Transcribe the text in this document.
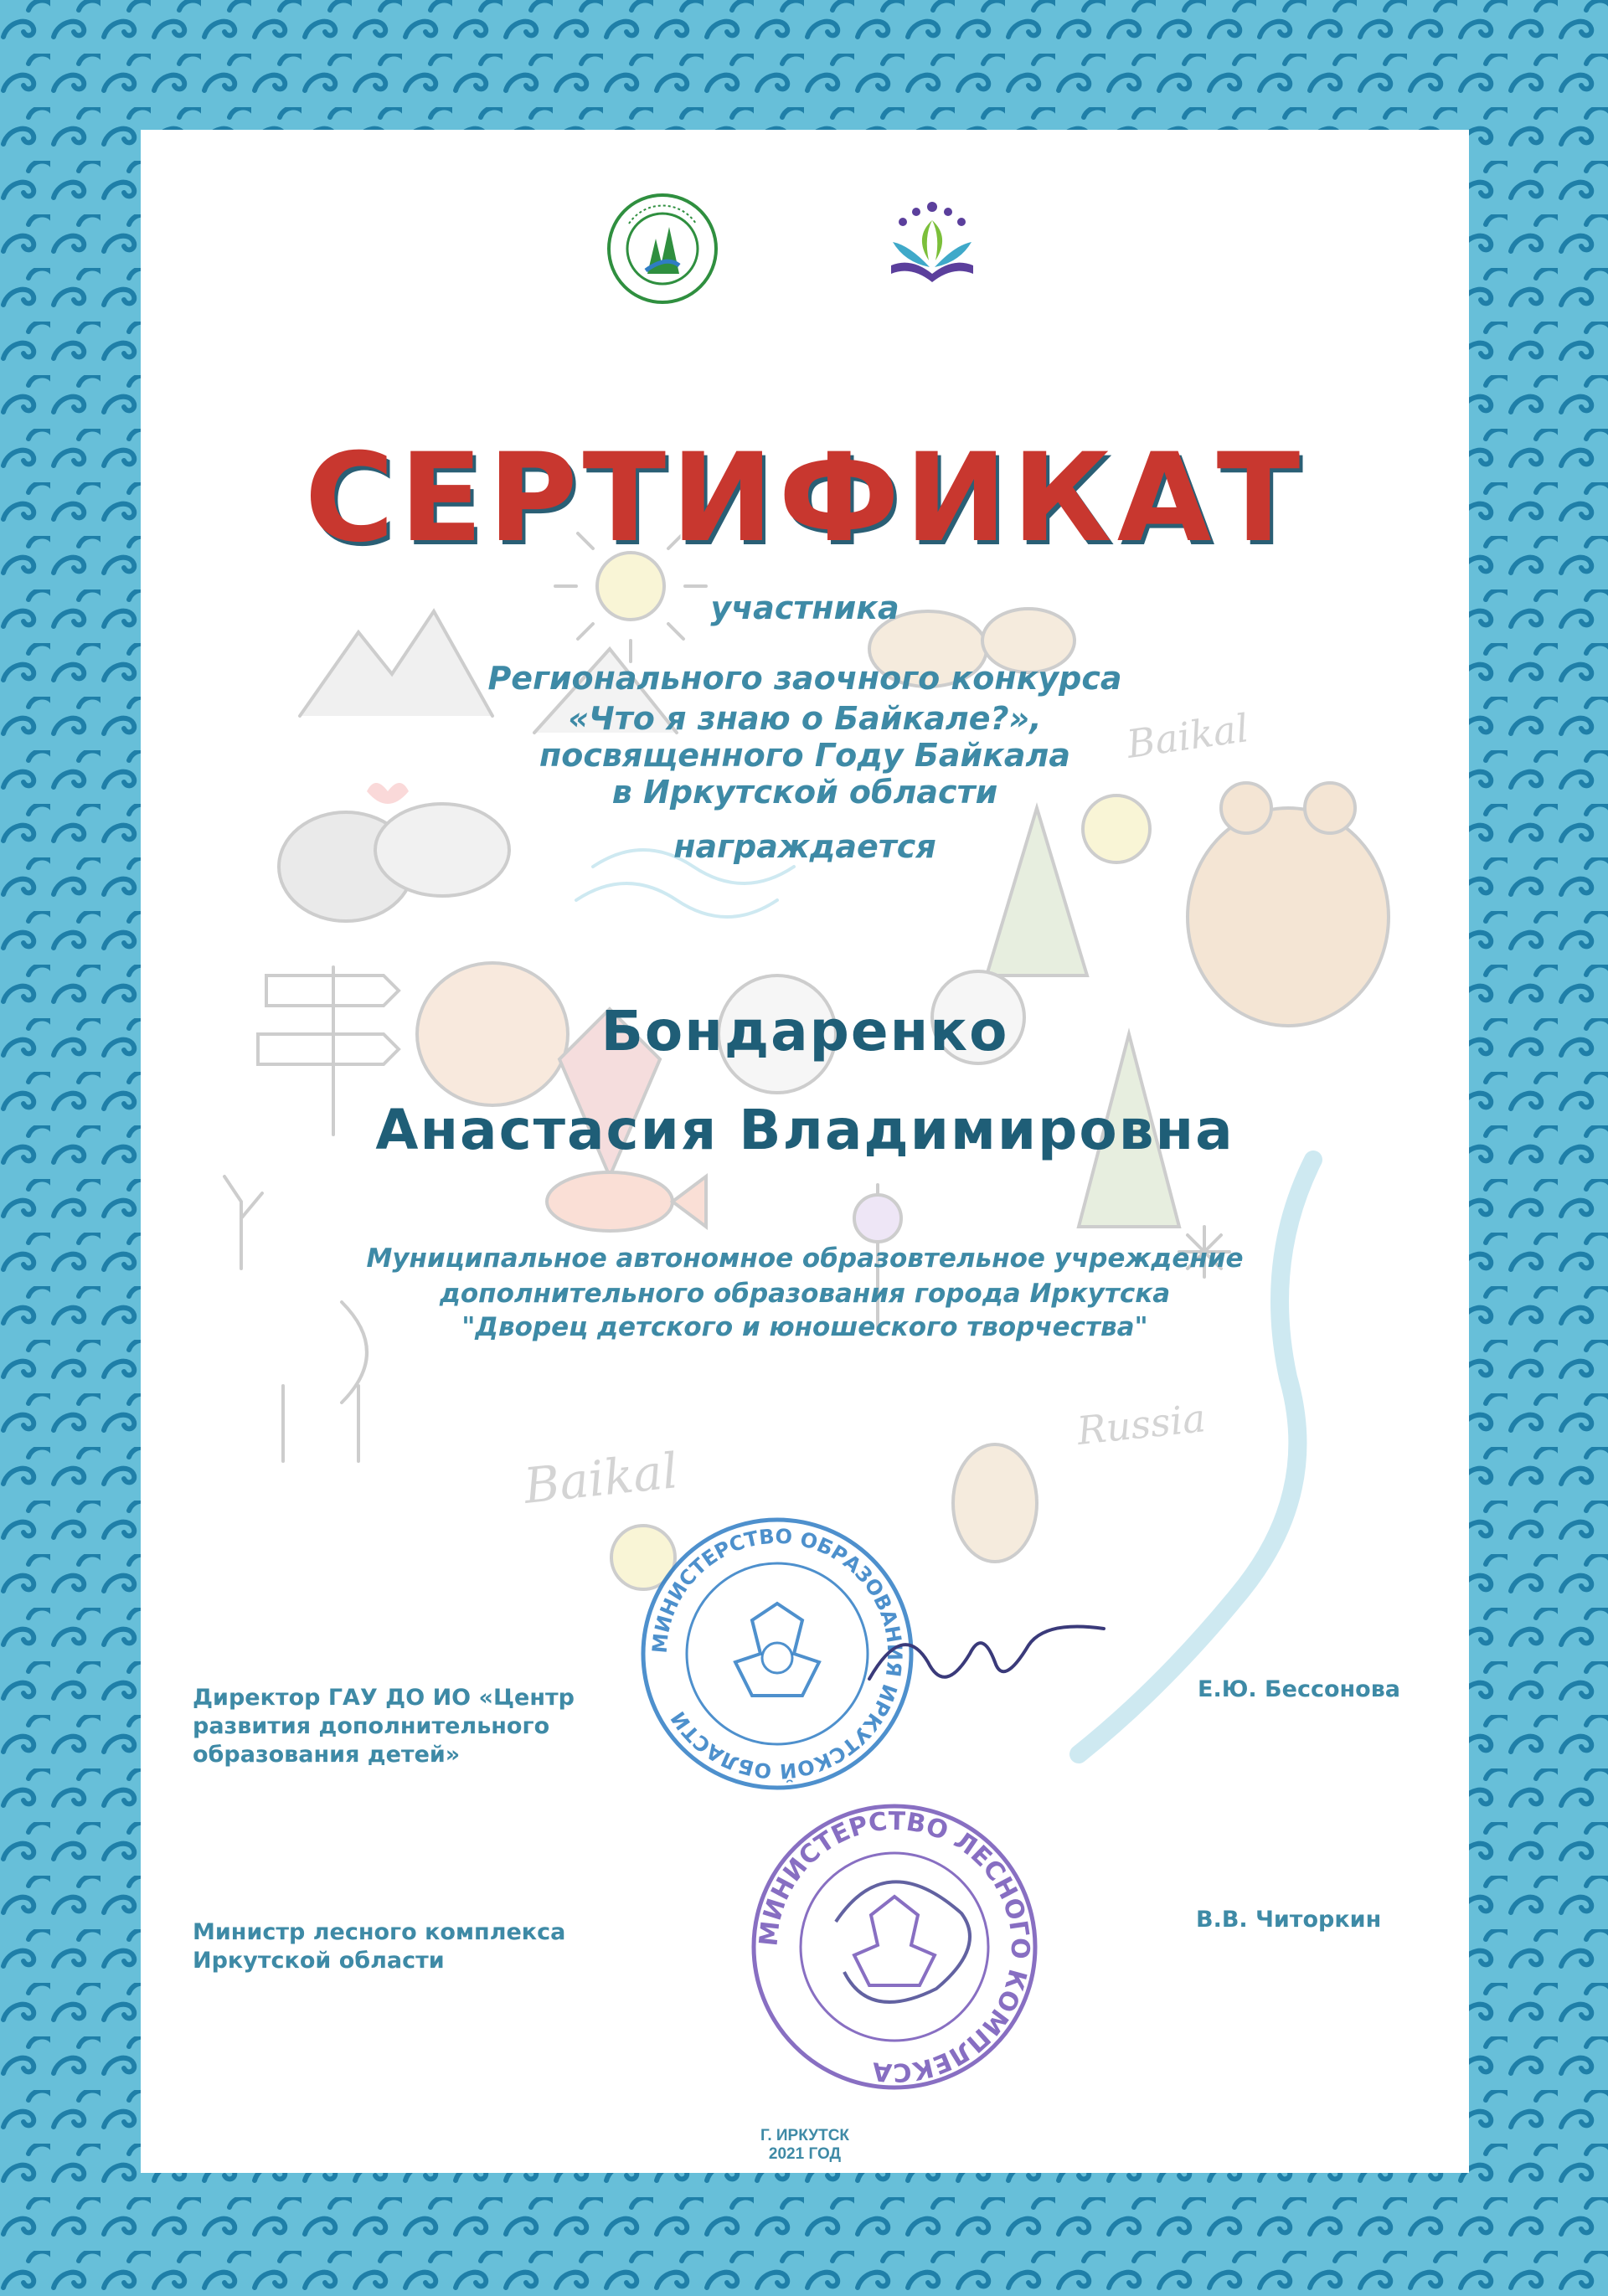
Baikal
Baikal
Russia
СЕРТИФИКАТ

участника

Регионального заочного конкурса

«Что я знаю о Байкале?»,

посвященного Году Байкала

в Иркутской области

награждается

Бондаренко

Анастасия Владимировна

Муниципальное автономное образовтельное учреждение

дополнительного образования города Иркутска

"Дворец детского и юношеского творчества"

МИНИСТЕРСТВО ОБРАЗОВАНИЯ ИРКУТСКОЙ ОБЛАСТИ
МИНИСТЕРСТВО ЛЕСНОГО КОМПЛЕКСА

Директор ГАУ ДО ИО «Центр

развития дополнительного

образования детей»

Е.Ю. Бессонова

Министр лесного комплекса

Иркутской области

В.В. Читоркин

Г. ИРКУТСК

2021 ГОД
